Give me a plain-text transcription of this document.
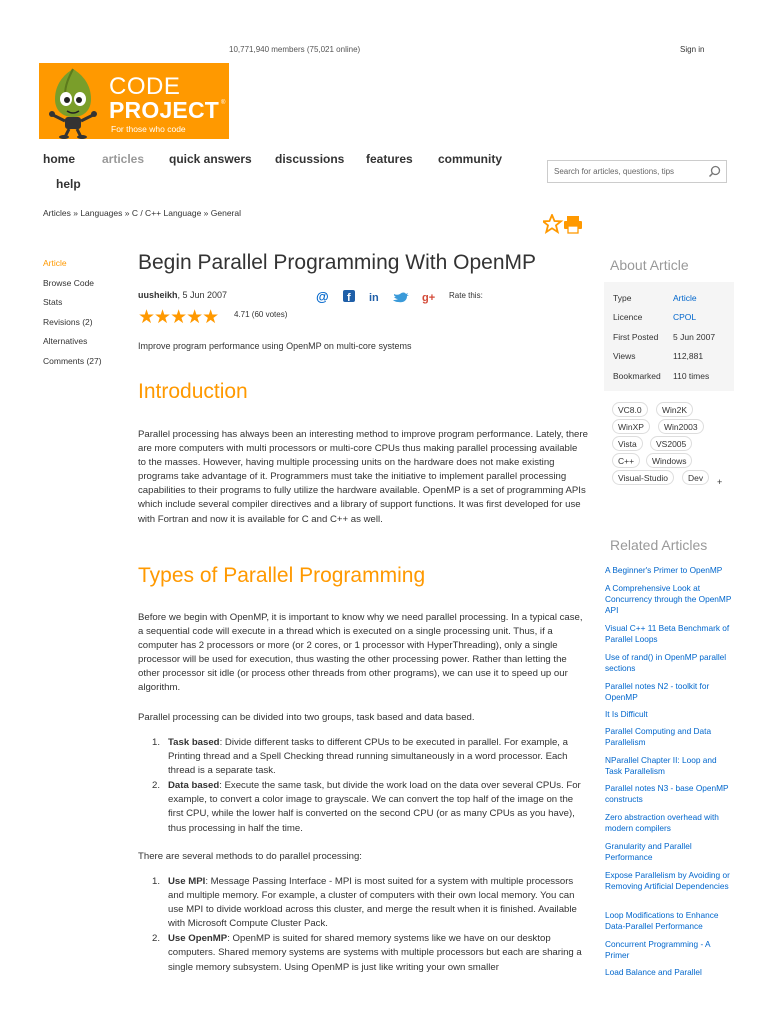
10,771,940 members (75,021 online)	Sign in
CODE
PROJECT ®
For those who code
home articles quick answers discussions features community
help
Search for articles, questions, tips
Articles » Languages » C / C++ Language » General
Article
Browse Code
Stats
Revisions (2)
Alternatives
Comments (27)
Begin Parallel Programming With OpenMP
uusheikh, 5 Jun 2007	@ f in	g+ Rate this:
★★★★★ 4.71 (60 votes)
Improve program performance using OpenMP on multi-core systems
Introduction

Parallel processing has always been an interesting method to improve program performance. Lately, there are more computers with multi processors or multi-core CPUs thus making parallel processing available to the masses. However, having multiple processing units on the hardware does not make existing programs take advantage of it. Programmers must take the initiative to implement parallel processing capabilities to their programs to fully utilize the hardware available. OpenMP is a set of programming APIs which include several compiler directives and a library of support functions. It was first developed for use with Fortran and now it is available for C and C++ as well.

Types of Parallel Programming

Before we begin with OpenMP, it is important to know why we need parallel processing. In a typical case, a sequential code will execute in a thread which is executed on a single processing unit. Thus, if a computer has 2 processors or more (or 2 cores, or 1 processor with HyperThreading), only a single processor will be used for execution, thus wasting the other processing power. Rather than letting the other processor sit idle (or process other threads from other programs), we can use it to speed up our algorithm.

Parallel processing can be divided into two groups, task based and data based.

1. Task based: Divide different tasks to different CPUs to be executed in parallel. For example, a Printing thread and a Spell Checking thread running simultaneously in a word processor. Each thread is a separate task.
2. Data based: Execute the same task, but divide the work load on the data over several CPUs. For example, to convert a color image to grayscale. We can convert the top half of the image on the first CPU, while the lower half is converted on the second CPU (or as many CPUs as you have), thus processing in half the time.

There are several methods to do parallel processing:

1. Use MPI: Message Passing Interface - MPI is most suited for a system with multiple processors and multiple memory. For example, a cluster of computers with their own local memory. You can use MPI to divide workload across this cluster, and merge the result when it is finished. Available with Microsoft Compute Cluster Pack.
2. Use OpenMP: OpenMP is suited for shared memory systems like we have on our desktop computers. Shared memory systems are systems with multiple processors but each are sharing a single memory subsystem. Using OpenMP is just like writing your own smaller
About Article
Type	Article
Licence	CPOL
First Posted 5 Jun 2007
Views	112,881
Bookmarked 110 times
VC8.0	Win2K
WinXP	Win2003
Vista	VS2005
C++	Windows
Visual-Studio	Dev	+
Related Articles
A Beginner's Primer to OpenMP
A Comprehensive Look at Concurrency through the OpenMP API
Visual C++ 11 Beta Benchmark of Parallel Loops
Use of rand() in OpenMP parallel sections
Parallel notes N2 - toolkit for OpenMP
It Is Difficult
Parallel Computing and Data Parallelism
NParallel Chapter II: Loop and Task Parallelism
Parallel notes N3 - base OpenMP constructs
Zero abstraction overhead with modern compilers
Granularity and Parallel Performance
Expose Parallelism by Avoiding or Removing Artificial Dependencies
Loop Modifications to Enhance Data-Parallel Performance
Concurrent Programming - A Primer
Load Balance and Parallel
